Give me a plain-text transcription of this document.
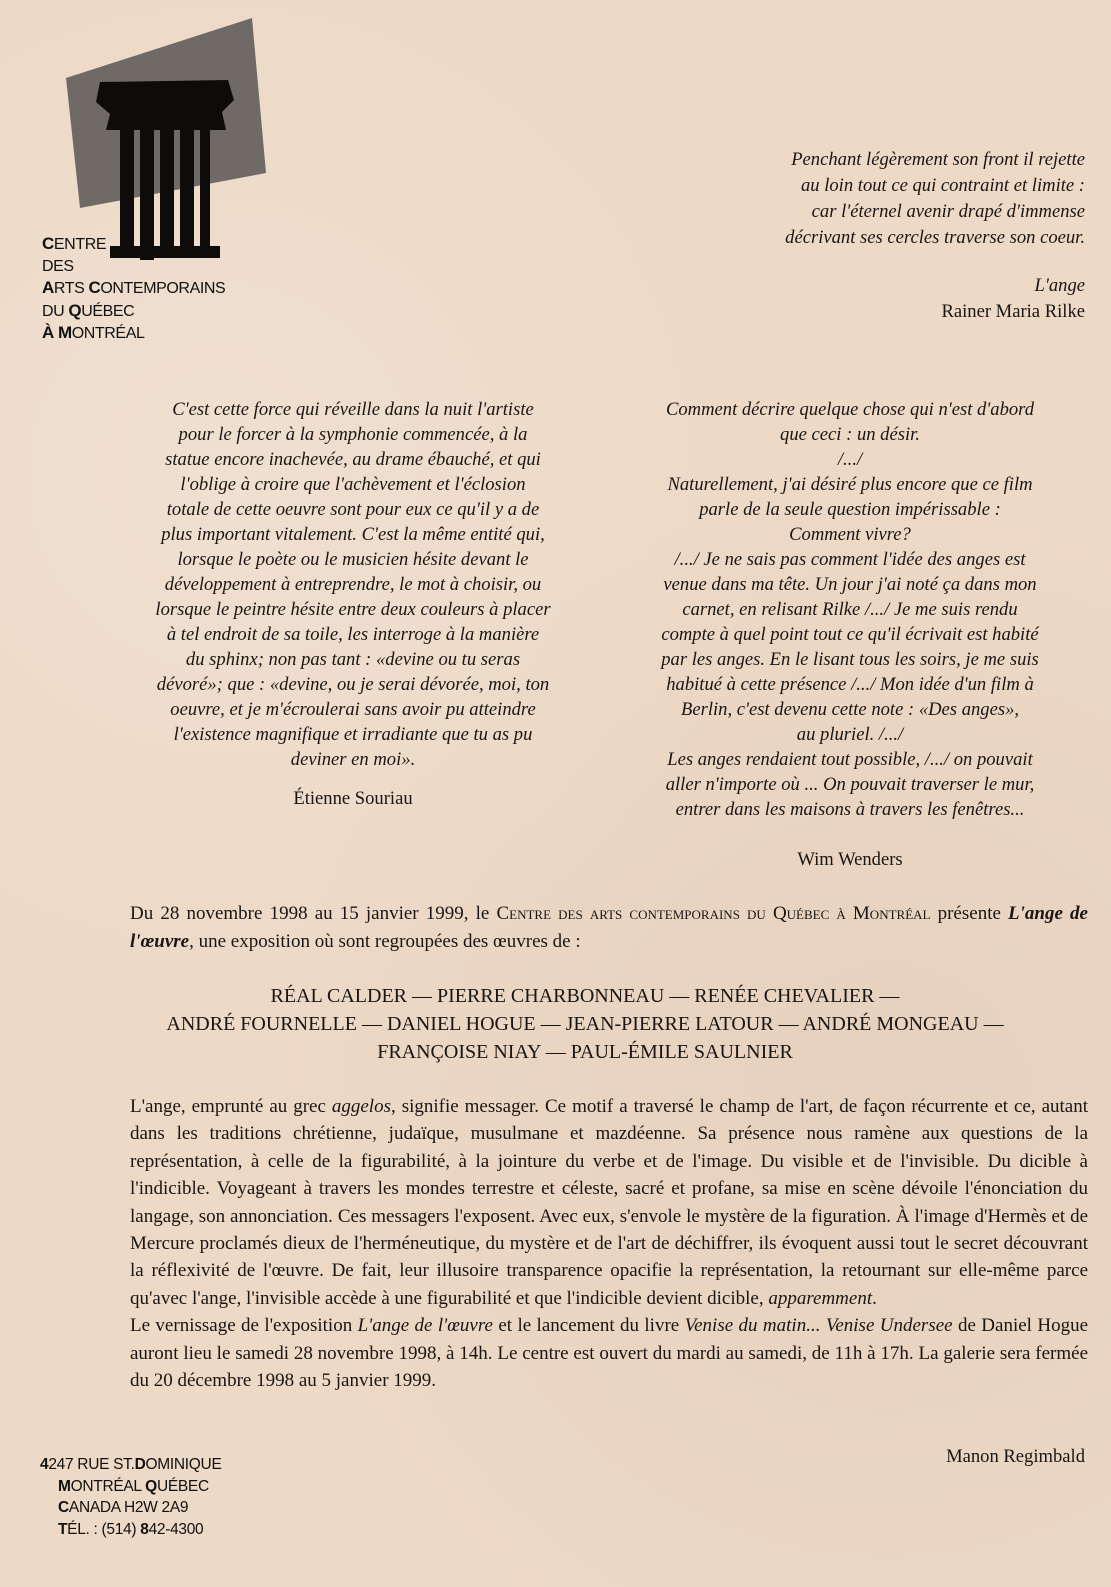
CENTRE
DES
ARTS CONTEMPORAINS
DU QUÉBEC
À MONTRÉAL
Penchant légèrement son front il rejette
au loin tout ce qui contraint et limite :
car l'éternel avenir drapé d'immense
décrivant ses cercles traverse son coeur.
L'ange
Rainer Maria Rilke
C'est cette force qui réveille dans la nuit l'artiste
pour le forcer à la symphonie commencée, à la
statue encore inachevée, au drame ébauché, et qui
l'oblige à croire que l'achèvement et l'éclosion
totale de cette oeuvre sont pour eux ce qu'il y a de
plus important vitalement. C'est la même entité qui,
lorsque le poète ou le musicien hésite devant le
développement à entreprendre, le mot à choisir, ou
lorsque le peintre hésite entre deux couleurs à placer
à tel endroit de sa toile, les interroge à la manière
du sphinx; non pas tant : «devine ou tu seras
dévoré»; que : «devine, ou je serai dévorée, moi, ton
oeuvre, et je m'écroulerai sans avoir pu atteindre
l'existence magnifique et irradiante que tu as pu
deviner en moi».
Étienne Souriau
Comment décrire quelque chose qui n'est d'abord
que ceci : un désir.
/.../
Naturellement, j'ai désiré plus encore que ce film
parle de la seule question impérissable :
Comment vivre?
/.../ Je ne sais pas comment l'idée des anges est
venue dans ma tête. Un jour j'ai noté ça dans mon
carnet, en relisant Rilke /.../ Je me suis rendu
compte à quel point tout ce qu'il écrivait est habité
par les anges. En le lisant tous les soirs, je me suis
habitué à cette présence /.../ Mon idée d'un film à
Berlin, c'est devenu cette note : «Des anges»,
au pluriel. /.../
Les anges rendaient tout possible, /.../ on pouvait
aller n'importe où ... On pouvait traverser le mur,
entrer dans les maisons à travers les fenêtres...
Wim Wenders
Du 28 novembre 1998 au 15 janvier 1999, le Centre des arts contemporains du Québec à Montréal présente L'ange de l'œuvre, une exposition où sont regroupées des œuvres de :
RÉAL CALDER — PIERRE CHARBONNEAU — RENÉE CHEVALIER —
ANDRÉ FOURNELLE — DANIEL HOGUE — JEAN-PIERRE LATOUR — ANDRÉ MONGEAU —
FRANÇOISE NIAY — PAUL-ÉMILE SAULNIER

L'ange, emprunté au grec aggelos, signifie messager. Ce motif a traversé le champ de l'art, de façon récurrente et ce, autant dans les traditions chrétienne, judaïque, musulmane et mazdéenne. Sa présence nous ramène aux questions de la représentation, à celle de la figurabilité, à la jointure du verbe et de l'image. Du visible et de l'invisible. Du dicible à l'indicible. Voyageant à travers les mondes terrestre et céleste, sacré et profane, sa mise en scène dévoile l'énonciation du langage, son annonciation. Ces messagers l'exposent. Avec eux, s'envole le mystère de la figuration. À l'image d'Hermès et de Mercure proclamés dieux de l'herméneutique, du mystère et de l'art de déchiffrer, ils évoquent aussi tout le secret découvrant la réflexivité de l'œuvre. De fait, leur illusoire transparence opacifie la représentation, la retournant sur elle-même parce qu'avec l'ange, l'invisible accède à une figurabilité et que l'indicible devient dicible, apparemment.

Le vernissage de l'exposition L'ange de l'œuvre et le lancement du livre Venise du matin... Venise Undersee de Daniel Hogue auront lieu le samedi 28 novembre 1998, à 14h. Le centre est ouvert du mardi au samedi, de 11h à 17h. La galerie sera fermée du 20 décembre 1998 au 5 janvier 1999.

Manon Regimbald
4247 RUE ST.DOMINIQUE
MONTRÉAL QUÉBEC
CANADA H2W 2A9
TÉL. : (514) 842-4300
